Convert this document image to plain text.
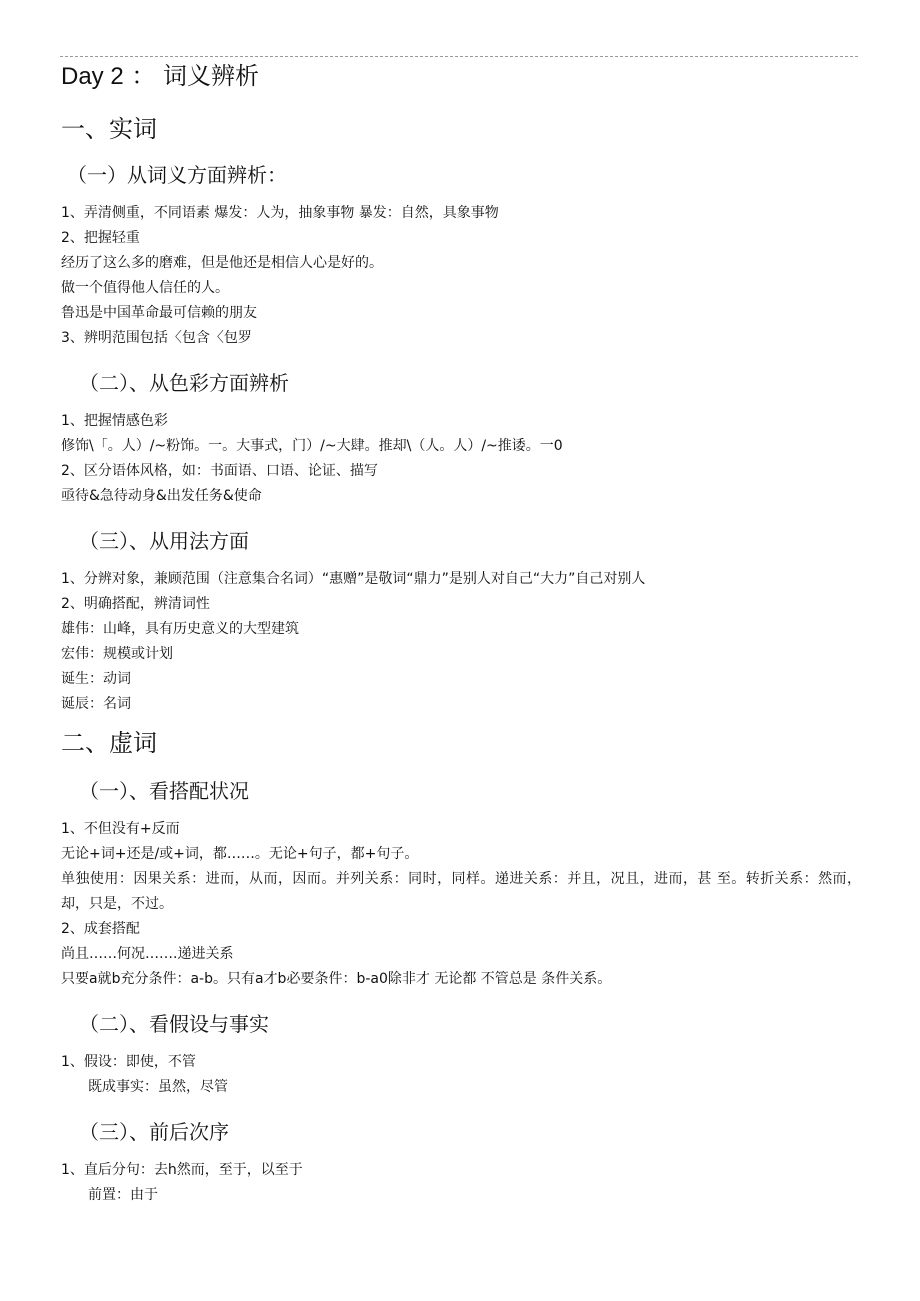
Day 2 ： 词义辨析
一、实词
（一）从词义方面辨析：

1、弄清侧重，不同语素 爆发：人为，抽象事物 暴发：自然，具象事物

2、把握轻重

经历了这么多的磨难，但是他还是相信人心是好的。

做一个值得他人信任的人。

鲁迅是中国革命最可信赖的朋友

3、辨明范围包括〈包含〈包罗

（二）、从色彩方面辨析

1、把握情感色彩

修饰\「。人）/~粉饰。一。大事式，门）/~大肆。推却\（人。人）/~推诿。一0

2、区分语体风格，如：书面语、口语、论证、描写

亟待&急待动身&出发任务&使命

（三）、从用法方面

1、分辨对象，兼顾范围（注意集合名词）“惠赠”是敬词“鼎力”是别人对自己“大力”自己对别人

2、明确搭配，辨清词性

雄伟：山峰，具有历史意义的大型建筑

宏伟：规模或计划

诞生：动词

诞辰：名词

二、虚词
（一）、看搭配状况

1、不但没有+反而

无论+词+还是/或+词，都……。无论+句子，都+句子。

单独使用：因果关系：进而，从而，因而。并列关系：同时，同样。递进关系：并且，况且，进而，甚 至。转折关系：然而，却，只是，不过。

2、成套搭配

尚且……何况…….递进关系

只要a就b充分条件：a-b。只有a才b必要条件：b-a0除非才 无论都 不管总是 条件关系。

（二）、看假设与事实

1、假设：即使，不管

既成事实：虽然，尽管

（三）、前后次序

1、直后分句：去h然而，至于，以至于

前置：由于
